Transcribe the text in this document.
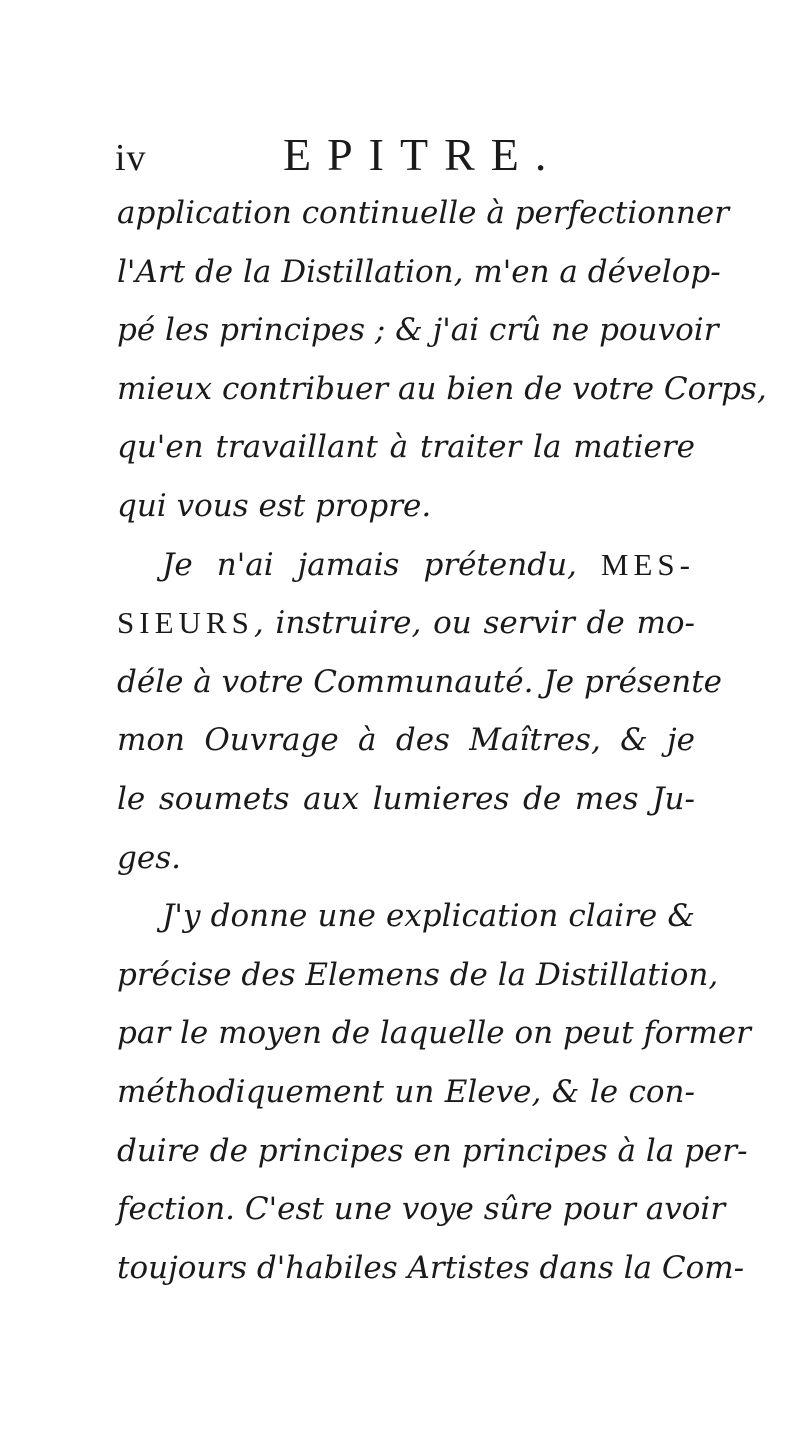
iv	EPITRE.
application continuelle à perfectionner
l'Art de la Distillation, m'en a dévelop-
pé les principes ; & j'ai crû ne pouvoir
mieux contribuer au bien de votre Corps,
qu'en travaillant à traiter la matiere
qui vous est propre.
Je n'ai jamais prétendu, MES-
SIEURS, instruire, ou servir de mo-
déle à votre Communauté. Je présente
mon Ouvrage à des Maîtres, & je
le soumets aux lumieres de mes Ju-
ges.
J'y donne une explication claire &
précise des Elemens de la Distillation,
par le moyen de laquelle on peut former
méthodiquement un Eleve, & le con-
duire de principes en principes à la per-
fection. C'est une voye sûre pour avoir
toujours d'habiles Artistes dans la Com-
